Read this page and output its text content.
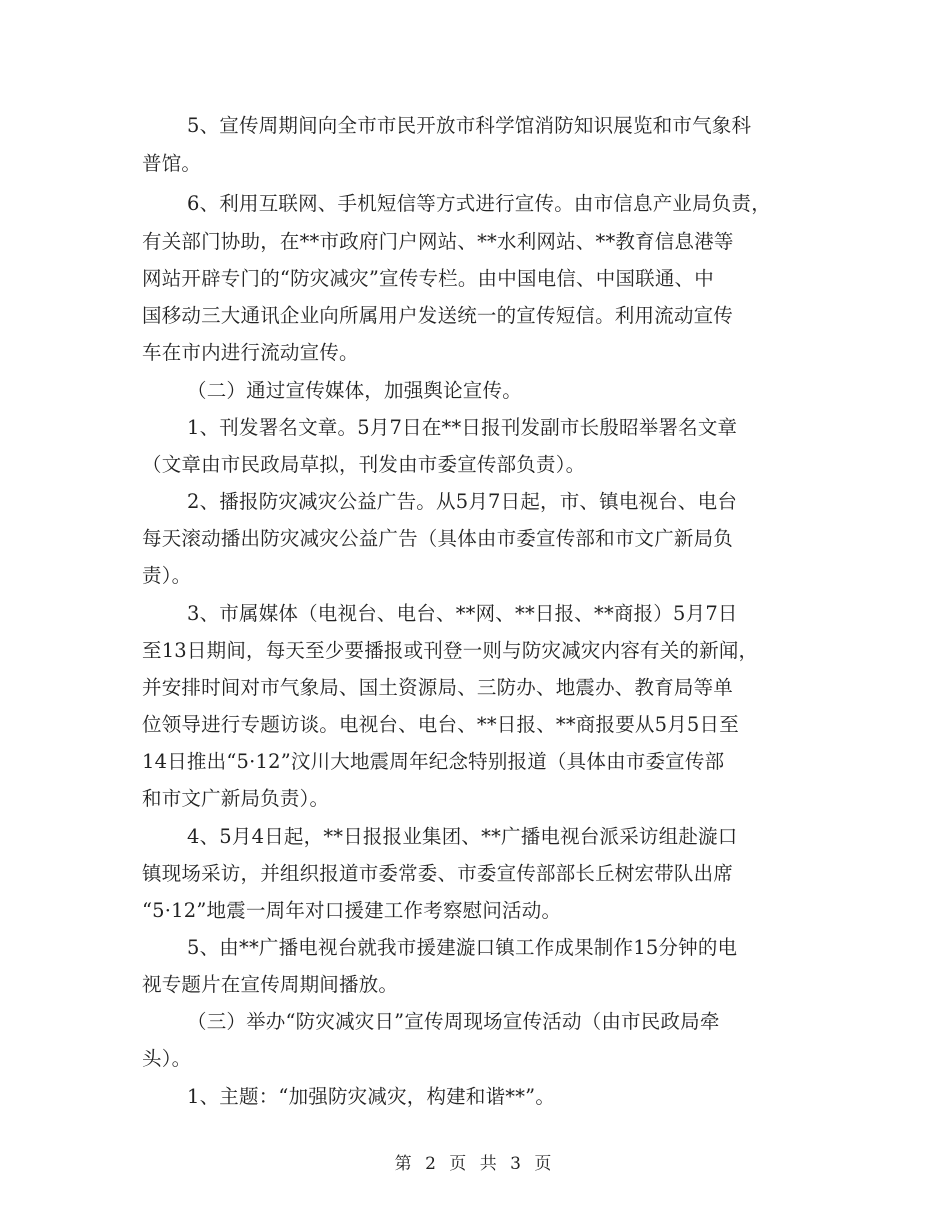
5、宣传周期间向全市市民开放市科学馆消防知识展览和市气象科
普馆。
6、利用互联网、手机短信等方式进行宣传。由市信息产业局负责，
有关部门协助，在**市政府门户网站、**水利网站、**教育信息港等
网站开辟专门的“防灾减灾”宣传专栏。由中国电信、中国联通、中
国移动三大通讯企业向所属用户发送统一的宣传短信。利用流动宣传
车在市内进行流动宣传。
（二）通过宣传媒体，加强舆论宣传。
1、刊发署名文章。5月7日在**日报刊发副市长殷昭举署名文章
（文章由市民政局草拟，刊发由市委宣传部负责）。
2、播报防灾减灾公益广告。从5月7日起，市、镇电视台、电台
每天滚动播出防灾减灾公益广告（具体由市委宣传部和市文广新局负
责）。
3、市属媒体（电视台、电台、**网、**日报、**商报）5月7日
至13日期间，每天至少要播报或刊登一则与防灾减灾内容有关的新闻，
并安排时间对市气象局、国土资源局、三防办、地震办、教育局等单
位领导进行专题访谈。电视台、电台、**日报、**商报要从5月5日至
14日推出“5·12”汶川大地震周年纪念特别报道（具体由市委宣传部
和市文广新局负责）。
4、5月4日起，**日报报业集团、**广播电视台派采访组赴漩口
镇现场采访，并组织报道市委常委、市委宣传部部长丘树宏带队出席
“5·12”地震一周年对口援建工作考察慰问活动。
5、由**广播电视台就我市援建漩口镇工作成果制作15分钟的电
视专题片在宣传周期间播放。
（三）举办“防灾减灾日”宣传周现场宣传活动（由市民政局牵
头）。
1、主题：“加强防灾减灾，构建和谐**”。
第 2 页 共 3 页
